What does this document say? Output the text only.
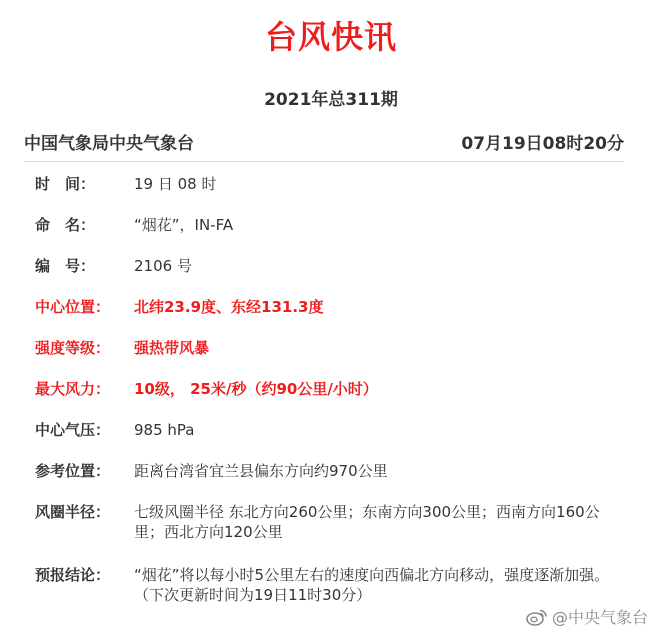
台风快讯
2021年总311期
中国气象局中央气象台	07月19日08时20分
时　间：	19 日 08 时
命　名：	“烟花”，IN-FA
编　号：	2106 号
中心位置：	北纬23.9度、东经131.3度
强度等级：	强热带风暴
最大风力：	10级， 25米/秒（约90公里/小时）
中心气压：	985 hPa
参考位置：	距离台湾省宜兰县偏东方向约970公里
风圈半径：	七级风圈半径 东北方向260公里；东南方向300公里；西南方向160公里；西北方向120公里
预报结论：	“烟花”将以每小时5公里左右的速度向西偏北方向移动，强度逐渐加强。
（下次更新时间为19日11时30分）
@中央气象台
